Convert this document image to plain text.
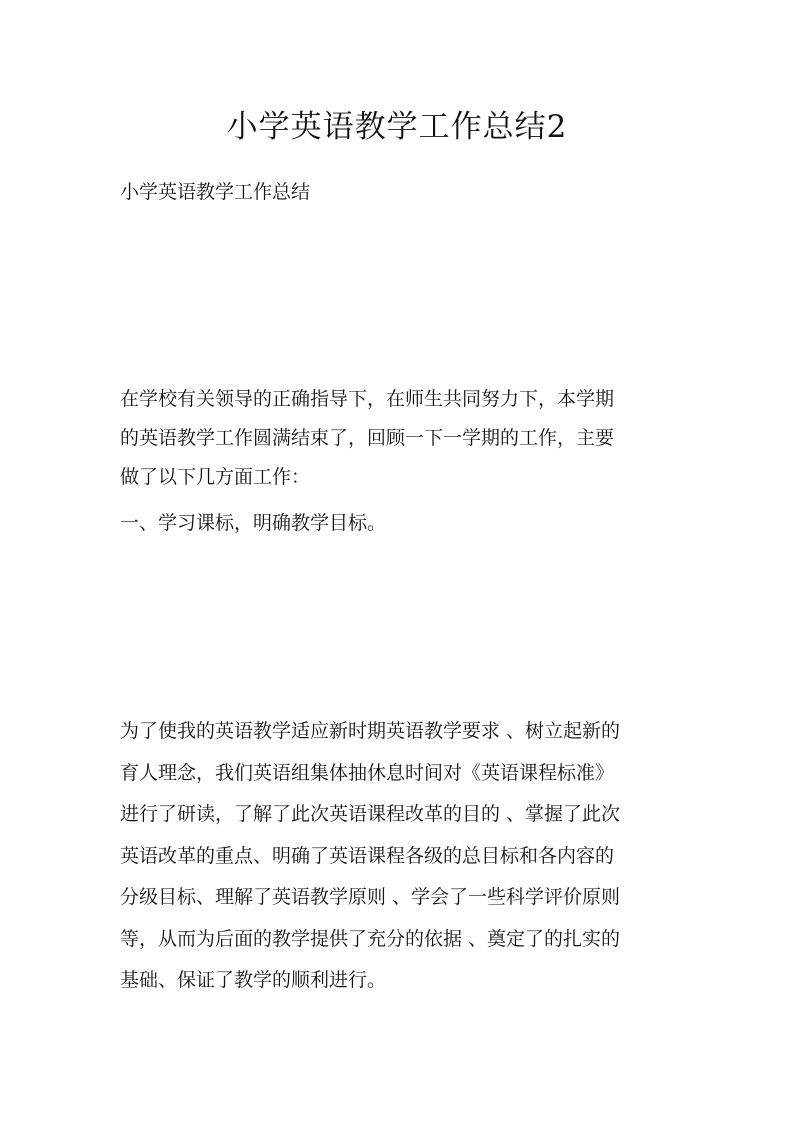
小学英语教学工作总结2

小学英语教学工作总结

在学校有关领导的正确指导下，在师生共同努力下，本学期
的英语教学工作圆满结束了，回顾一下一学期的工作，主要
做了以下几方面工作：

一、学习课标，明确教学目标。

为了使我的英语教学适应新时期英语教学要求 、树立起新的
育人理念，我们英语组集体抽休息时间对《英语课程标准》
进行了研读，了解了此次英语课程改革的目的 、掌握了此次
英语改革的重点、明确了英语课程各级的总目标和各内容的
分级目标、理解了英语教学原则 、学会了一些科学评价原则
等，从而为后面的教学提供了充分的依据 、奠定了的扎实的
基础、保证了教学的顺利进行。
